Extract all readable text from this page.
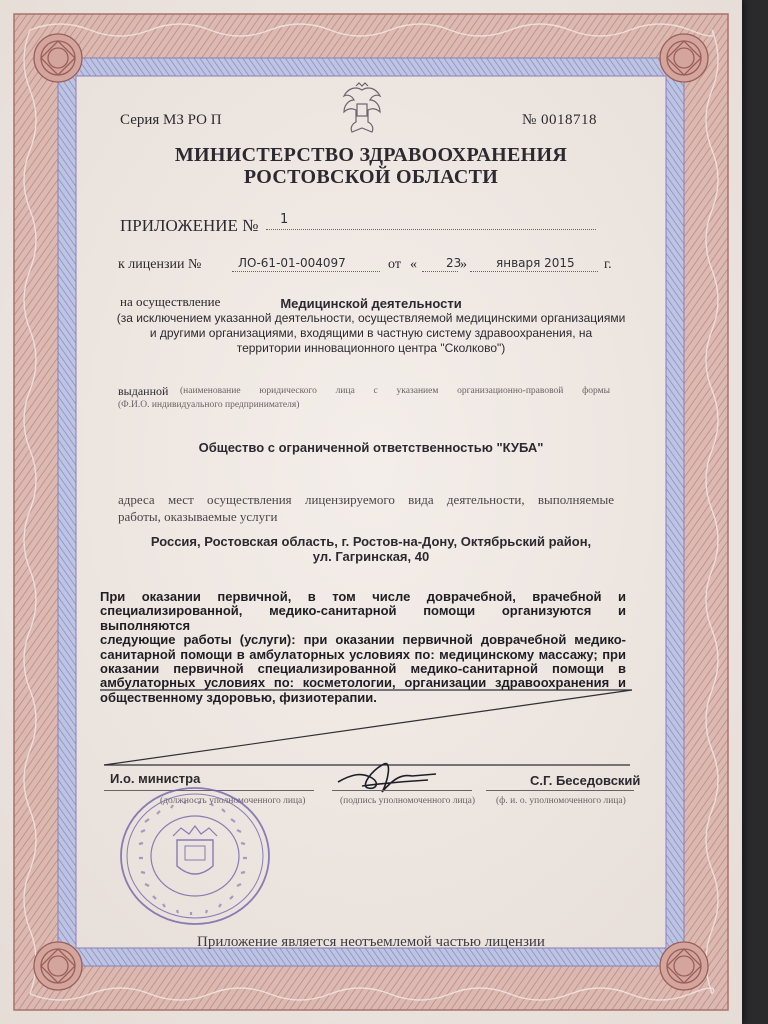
Серия МЗ РО П	№ 0018718
МИНИСТЕРСТВО ЗДРАВООХРАНЕНИЯ
РОСТОВСКОЙ ОБЛАСТИ
ПРИЛОЖЕНИЕ № 1
к лицензии №	ЛО-61-01-004097	от « 23
» января 2015 г.
на осуществление	Медицинской деятельности
(за исключением указанной деятельности, осуществляемой медицинскими организациями
и другими организациями, входящими в частную систему здравоохранения, на
территории инновационного центра "Сколково")
выданной (наименование юридического лица с указанием организационно-правовой формы
(Ф.И.О. индивидуального предпринимателя)
Общество с ограниченной ответственностью "КУБА"
адреса мест осуществления лицензируемого вида деятельности, выполняемые
работы, оказываемые услуги
Россия, Ростовская область, г. Ростов-на-Дону, Октябрьский район,
ул. Гагринская, 40
При оказании первичной, в том числе доврачебной, врачебной и
специализированной, медико-санитарной помощи организуются и выполняются
следующие работы (услуги): при оказании первичной доврачебной медико-
санитарной помощи в амбулаторных условиях по: медицинскому массажу; при
оказании первичной специализированной медико-санитарной помощи в
амбулаторных условиях по: косметологии, организации здравоохранения и
общественному здоровью, физиотерапии.
И.о. министра
(должность уполномоченного лица)	(подпись уполномоченного лица)
С.Г. Беседовский
(ф. и. о. уполномоченного лица)
Приложение является неотъемлемой частью лицензии
